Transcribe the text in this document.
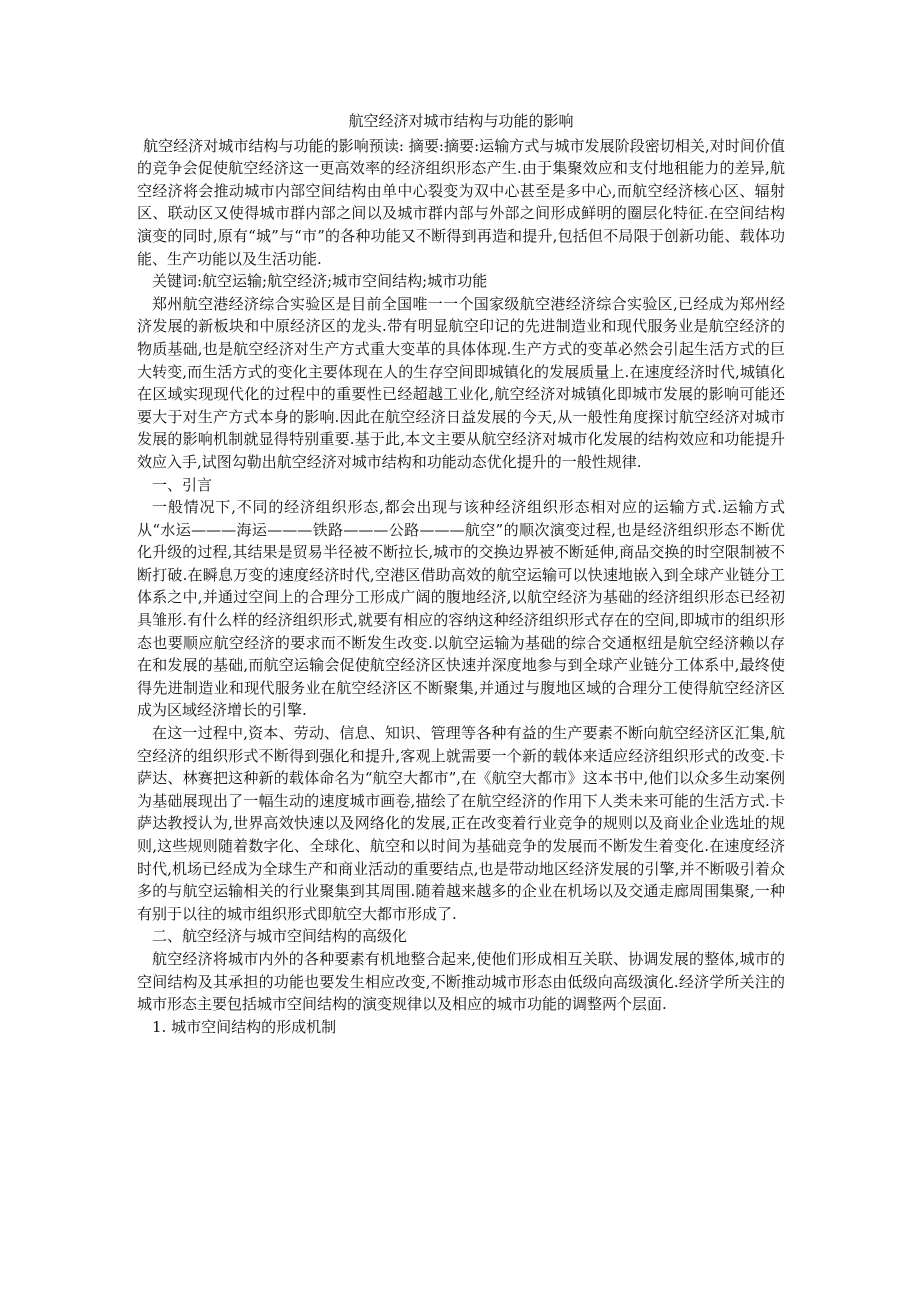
航空经济对城市结构与功能的影响

航空经济对城市结构与功能的影响预读: 摘要:摘要:运输方式与城市发展阶段密切相关,对时间价值的竞争会促使航空经济这一更高效率的经济组织形态产生.由于集聚效应和支付地租能力的差异,航空经济将会推动城市内部空间结构由单中心裂变为双中心甚至是多中心,而航空经济核心区、辐射区、联动区又使得城市群内部之间以及城市群内部与外部之间形成鲜明的圈层化特征.在空间结构演变的同时,原有“城”与“市”的各种功能又不断得到再造和提升,包括但不局限于创新功能、载体功能、生产功能以及生活功能.

关键词:航空运输;航空经济;城市空间结构;城市功能

郑州航空港经济综合实验区是目前全国唯一一个国家级航空港经济综合实验区,已经成为郑州经济发展的新板块和中原经济区的龙头.带有明显航空印记的先进制造业和现代服务业是航空经济的物质基础,也是航空经济对生产方式重大变革的具体体现.生产方式的变革必然会引起生活方式的巨大转变,而生活方式的变化主要体现在人的生存空间即城镇化的发展质量上.在速度经济时代,城镇化在区域实现现代化的过程中的重要性已经超越工业化,航空经济对城镇化即城市发展的影响可能还要大于对生产方式本身的影响.因此在航空经济日益发展的今天,从一般性角度探讨航空经济对城市发展的影响机制就显得特别重要.基于此,本文主要从航空经济对城市化发展的结构效应和功能提升效应入手,试图勾勒出航空经济对城市结构和功能动态优化提升的一般性规律.

一、引言

一般情况下,不同的经济组织形态,都会出现与该种经济组织形态相对应的运输方式.运输方式从“水运———海运———铁路———公路———航空”的顺次演变过程,也是经济组织形态不断优化升级的过程,其结果是贸易半径被不断拉长,城市的交换边界被不断延伸,商品交换的时空限制被不断打破.在瞬息万变的速度经济时代,空港区借助高效的航空运输可以快速地嵌入到全球产业链分工体系之中,并通过空间上的合理分工形成广阔的腹地经济,以航空经济为基础的经济组织形态已经初具雏形.有什么样的经济组织形式,就要有相应的容纳这种经济组织形式存在的空间,即城市的组织形态也要顺应航空经济的要求而不断发生改变.以航空运输为基础的综合交通枢纽是航空经济赖以存在和发展的基础,而航空运输会促使航空经济区快速并深度地参与到全球产业链分工体系中,最终使得先进制造业和现代服务业在航空经济区不断聚集,并通过与腹地区域的合理分工使得航空经济区成为区域经济增长的引擎.

在这一过程中,资本、劳动、信息、知识、管理等各种有益的生产要素不断向航空经济区汇集,航空经济的组织形式不断得到强化和提升,客观上就需要一个新的载体来适应经济组织形式的改变.卡萨达、林赛把这种新的载体命名为“航空大都市”,在《航空大都市》这本书中,他们以众多生动案例为基础展现出了一幅生动的速度城市画卷,描绘了在航空经济的作用下人类未来可能的生活方式.卡萨达教授认为,世界高效快速以及网络化的发展,正在改变着行业竞争的规则以及商业企业选址的规则,这些规则随着数字化、全球化、航空和以时间为基础竞争的发展而不断发生着变化.在速度经济时代,机场已经成为全球生产和商业活动的重要结点,也是带动地区经济发展的引擎,并不断吸引着众多的与航空运输相关的行业聚集到其周围.随着越来越多的企业在机场以及交通走廊周围集聚,一种有别于以往的城市组织形式即航空大都市形成了.

二、航空经济与城市空间结构的高级化

航空经济将城市内外的各种要素有机地整合起来,使他们形成相互关联、协调发展的整体,城市的空间结构及其承担的功能也要发生相应改变,不断推动城市形态由低级向高级演化.经济学所关注的城市形态主要包括城市空间结构的演变规律以及相应的城市功能的调整两个层面.

1. 城市空间结构的形成机制
